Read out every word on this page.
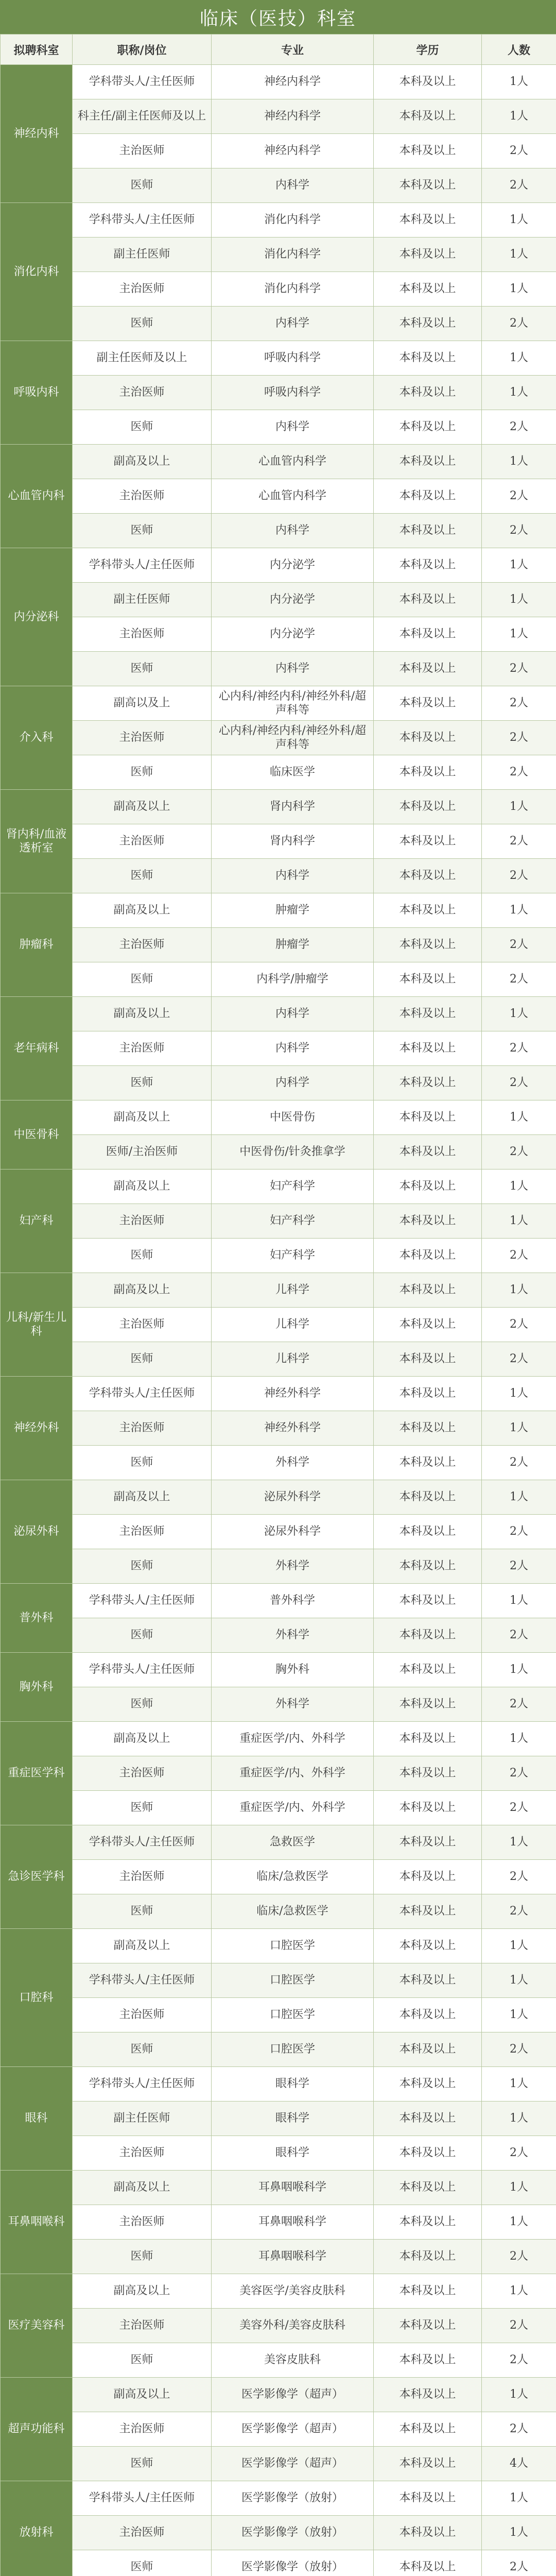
临床（医技）科室
拟聘科室	职称/岗位	专业	学历	人数
神经内科	学科带头人/主任医师	神经内科学	本科及以上	1人
	科主任/副主任医师及以上	神经内科学	本科及以上	1人
	主治医师	神经内科学	本科及以上	2人
	医师	内科学	本科及以上	2人
消化内科	学科带头人/主任医师	消化内科学	本科及以上	1人
	副主任医师	消化内科学	本科及以上	1人
	主治医师	消化内科学	本科及以上	1人
	医师	内科学	本科及以上	2人
呼吸内科	副主任医师及以上	呼吸内科学	本科及以上	1人
	主治医师	呼吸内科学	本科及以上	1人
	医师	内科学	本科及以上	2人
心血管内科	副高及以上	心血管内科学	本科及以上	1人
	主治医师	心血管内科学	本科及以上	2人
	医师	内科学	本科及以上	2人
内分泌科	学科带头人/主任医师	内分泌学	本科及以上	1人
	副主任医师	内分泌学	本科及以上	1人
	主治医师	内分泌学	本科及以上	1人
	医师	内科学	本科及以上	2人
介入科	副高以及上	心内科/神经内科/神经外科/超声科等	本科及以上	2人
	主治医师	心内科/神经内科/神经外科/超声科等	本科及以上	2人
	医师	临床医学	本科及以上	2人
肾内科/血液透析室	副高及以上	肾内科学	本科及以上	1人
	主治医师	肾内科学	本科及以上	2人
	医师	内科学	本科及以上	2人
肿瘤科	副高及以上	肿瘤学	本科及以上	1人
	主治医师	肿瘤学	本科及以上	2人
	医师	内科学/肿瘤学	本科及以上	2人
老年病科	副高及以上	内科学	本科及以上	1人
	主治医师	内科学	本科及以上	2人
	医师	内科学	本科及以上	2人
中医骨科	副高及以上	中医骨伤	本科及以上	1人
	医师/主治医师	中医骨伤/针灸推拿学	本科及以上	2人
妇产科	副高及以上	妇产科学	本科及以上	1人
	主治医师	妇产科学	本科及以上	1人
	医师	妇产科学	本科及以上	2人
儿科/新生儿科	副高及以上	儿科学	本科及以上	1人
	主治医师	儿科学	本科及以上	2人
	医师	儿科学	本科及以上	2人
神经外科	学科带头人/主任医师	神经外科学	本科及以上	1人
	主治医师	神经外科学	本科及以上	1人
	医师	外科学	本科及以上	2人
泌尿外科	副高及以上	泌尿外科学	本科及以上	1人
	主治医师	泌尿外科学	本科及以上	2人
	医师	外科学	本科及以上	2人
普外科	学科带头人/主任医师	普外科学	本科及以上	1人
	医师	外科学	本科及以上	2人
胸外科	学科带头人/主任医师	胸外科	本科及以上	1人
	医师	外科学	本科及以上	2人
重症医学科	副高及以上	重症医学/内、外科学	本科及以上	1人
	主治医师	重症医学/内、外科学	本科及以上	2人
	医师	重症医学/内、外科学	本科及以上	2人
急诊医学科	学科带头人/主任医师	急救医学	本科及以上	1人
	主治医师	临床/急救医学	本科及以上	2人
	医师	临床/急救医学	本科及以上	2人
口腔科	副高及以上	口腔医学	本科及以上	1人
	学科带头人/主任医师	口腔医学	本科及以上	1人
	主治医师	口腔医学	本科及以上	1人
	医师	口腔医学	本科及以上	2人
眼科	学科带头人/主任医师	眼科学	本科及以上	1人
	副主任医师	眼科学	本科及以上	1人
	主治医师	眼科学	本科及以上	2人
耳鼻咽喉科	副高及以上	耳鼻咽喉科学	本科及以上	1人
	主治医师	耳鼻咽喉科学	本科及以上	1人
	医师	耳鼻咽喉科学	本科及以上	2人
医疗美容科	副高及以上	美容医学/美容皮肤科	本科及以上	1人
	主治医师	美容外科/美容皮肤科	本科及以上	2人
	医师	美容皮肤科	本科及以上	2人
超声功能科	副高及以上	医学影像学（超声）	本科及以上	1人
	主治医师	医学影像学（超声）	本科及以上	2人
	医师	医学影像学（超声）	本科及以上	4人
放射科	学科带头人/主任医师	医学影像学（放射）	本科及以上	1人
	主治医师	医学影像学（放射）	本科及以上	1人
	医师	医学影像学（放射）	本科及以上	2人
